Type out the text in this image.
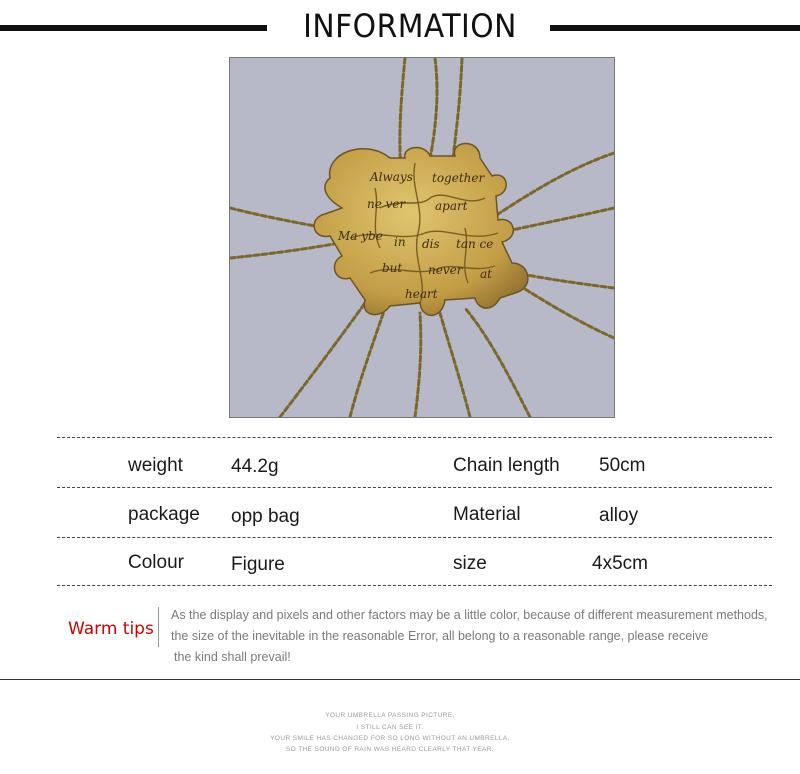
INFORMATION
Always together
ne ver apart
Ma ybe in dis tan ce
but never at
heart
weight	44.2g	Chain length 50cm
package opp bag	Material	alloy
Colour Figure	size	4x5cm
Warm tips
As the display and pixels and other factors may be a little color, because of different measurement methods,
the size of the inevitable in the reasonable Error, all belong to a reasonable range, please receive
the kind shall prevail!
YOUR UMBRELLA PASSING PICTURE,
I STILL CAN SEE IT.
YOUR SMILE HAS CHANGED FOR SO LONG WITHOUT AN UMBRELLA,
SO THE SOUND OF RAIN WAS HEARD CLEARLY THAT YEAR.
